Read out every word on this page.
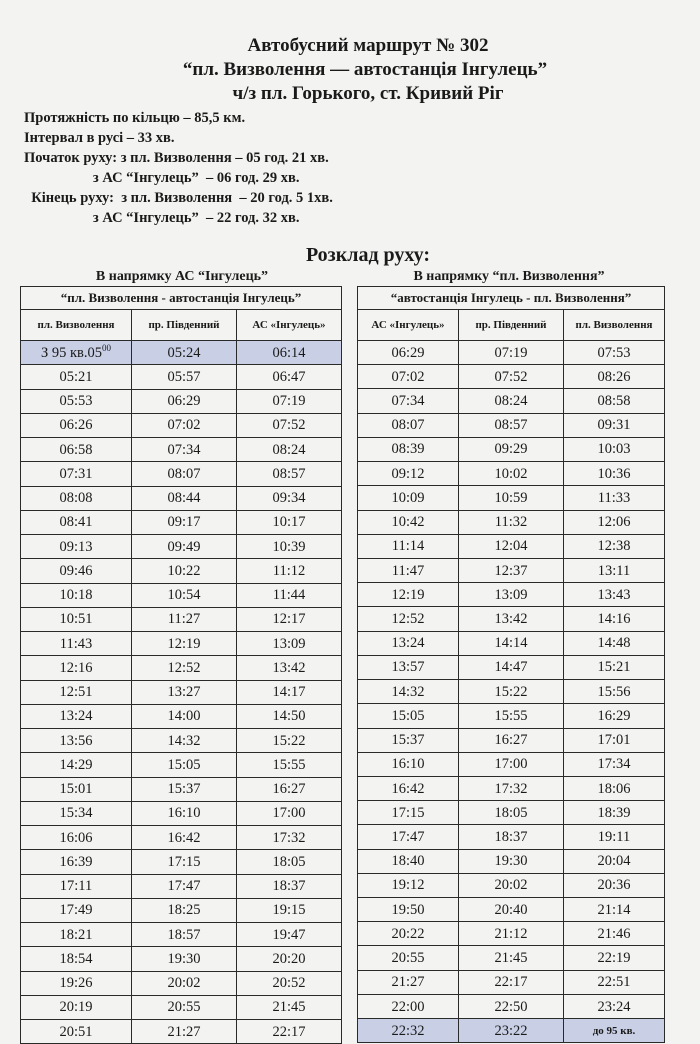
Автобусний маршрут № 302
“пл. Визволення — автостанція Інгулець”
ч/з пл. Горького, ст. Кривий Ріг
Протяжність по кільцю – 85,5 км.
Інтервал в русі – 33 хв.
Початок руху: з пл. Визволення – 05 год. 21 хв.
з АС “Інгулець”  – 06 год. 29 хв.
Кінець руху:  з пл. Визволення  – 20 год. 5 1хв.
з АС “Інгулець”  – 22 год. 32 хв.
Розклад руху:
В напрямку АС “Інгулець”	В напрямку “пл. Визволення”
“пл. Визволення - автостанція Інгулець”		
пл. Визволення	пр. Південний	АС «Інгулець»
З 95 $кв.05^{00}$	05:24	06:14
05:21	05:57	06:47
05:53	06:29	07:19
06:26	07:02	07:52
06:58	07:34	08:24
07:31	08:07	08:57
08:08	08:44	09:34
08:41	09:17	10:17
09:13	09:49	10:39
09:46	10:22	11:12
10:18	10:54	11:44
10:51	11:27	12:17
11:43	12:19	13:09
12:16	12:52	13:42
12:51	13:27	14:17
13:24	14:00	14:50
13:56	14:32	15:22
14:29	15:05	15:55
15:01	15:37	16:27
15:34	16:10	17:00
16:06	16:42	17:32
16:39	17:15	18:05
17:11	17:47	18:37
17:49	18:25	19:15
18:21	18:57	19:47
18:54	19:30	20:20
19:26	20:02	20:52
20:19	20:55	21:45
20:51	21:27	22:17
“автостанція Інгулець - пл. Визволення”		
АС «Інгулець»	пр. Південний	пл. Визволення
06:29	07:19	07:53
07:02	07:52	08:26
07:34	08:24	08:58
08:07	08:57	09:31
08:39	09:29	10:03
09:12	10:02	10:36
10:09	10:59	11:33
10:42	11:32	12:06
11:14	12:04	12:38
11:47	12:37	13:11
12:19	13:09	13:43
12:52	13:42	14:16
13:24	14:14	14:48
13:57	14:47	15:21
14:32	15:22	15:56
15:05	15:55	16:29
15:37	16:27	17:01
16:10	17:00	17:34
16:42	17:32	18:06
17:15	18:05	18:39
17:47	18:37	19:11
18:40	19:30	20:04
19:12	20:02	20:36
19:50	20:40	21:14
20:22	21:12	21:46
20:55	21:45	22:19
21:27	22:17	22:51
22:00	22:50	23:24
22:32	23:22	до 95 кв.
